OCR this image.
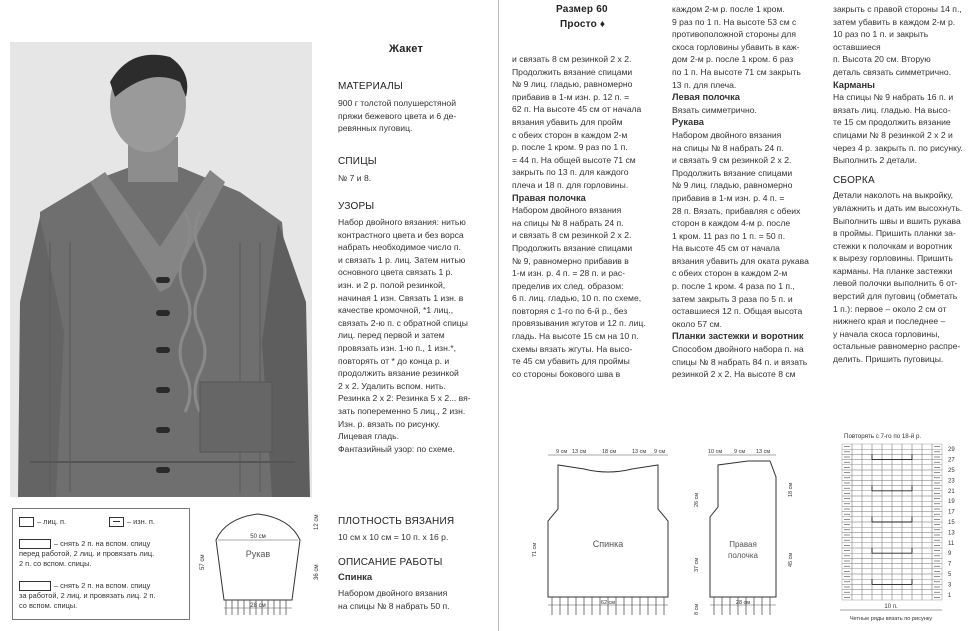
Жакет
МАТЕРИАЛЫ
900 г толстой полушерстяной
пряжи бежевого цвета и 6 де-
ревянных пуговиц.
СПИЦЫ
№ 7 и 8.
УЗОРЫ
Набор двойного вязания: нитью
контрастного цвета и без ворса
набрать необходимое число п.
и связать 1 р. лиц. Затем нитью
основного цвета связать 1 р.
изн. и 2 р. полой резинкой,
начиная 1 изн. Связать 1 изн. в
качестве кромочной, *1 лиц.,
связать 2-ю п. с обратной спицы
лиц. перед первой и затем
провязать изн. 1-ю п., 1 изн.*,
повторять от * до конца р. и
продолжить вязание резинкой
2 х 2. Удалить вспом. нить.
Резинка 2 х 2: Резинка 5 х 2... вя-
зать попеременно 5 лиц., 2 изн.
Изн. р. вязать по рисунку.
Лицевая гладь.
Фантазийный узор: по схеме.
ПЛОТНОСТЬ ВЯЗАНИЯ
10 см х 10 см = 10 п. х 16 р.
ОПИСАНИЕ РАБОТЫ
Спинка
Набором двойного вязания
на спицы № 8 набрать 50 п.
– лиц. п.	– изн. п.
– снять 2 п. на вспом. спицу
перед работой, 2 лиц. и провязать лиц.
2 п. со вспом. спицы.
– снять 2 п. на вспом. спицу
за работой, 2 лиц. и провязать лиц. 2 п.
со вспом. спицы.
50 см
28 см
Рукав
57 см
12 см
36 см
Размер 60
Просто ♦
и связать 8 см резинкой 2 х 2.
Продолжить вязание спицами
№ 9 лиц. гладью, равномерно
прибавив в 1-м изн. р. 12 п. =
62 п. На высоте 45 см от начала
вязания убавить для пройм
с обеих сторон в каждом 2-м
р. после 1 кром. 9 раз по 1 п.
= 44 п. На общей высоте 71 см
закрыть по 13 п. для каждого
плеча и 18 п. для горловины.
Правая полочка
Набором двойного вязания
на спицы № 8 набрать 24 п.
и связать 8 см резинкой 2 х 2.
Продолжить вязание спицами
№ 9, равномерно прибавив в
1-м изн. р. 4 п. = 28 п. и рас-
пределив их след. образом:
6 п. лиц. гладью, 10 п. по схеме,
повторяя с 1-го по 6-й р., без
провязывания жгутов и 12 п. лиц.
гладь. На высоте 15 см на 10 п.
схемы вязать жгуты. На высо-
те 45 см убавить для проймы
со стороны бокового шва в
каждом 2-м р. после 1 кром.
9 раз по 1 п. На высоте 53 см с
противоположной стороны для
скоса горловины убавить в каж-
дом 2-м р. после 1 кром. 6 раз
по 1 п. На высоте 71 см закрыть
13 п. для плеча.
Левая полочка
Вязать симметрично.
Рукава
Набором двойного вязания
на спицы № 8 набрать 24 п.
и связать 9 см резинкой 2 х 2.
Продолжить вязание спицами
№ 9 лиц. гладью, равномерно
прибавив в 1-м изн. р. 4 п. =
28 п. Вязать, прибавляя с обеих
сторон в каждом 4-м р. после
1 кром. 11 раз по 1 п. = 50 п.
На высоте 45 см от начала
вязания убавить для оката рукава
с обеих сторон в каждом 2-м
р. после 1 кром. 4 раза по 1 п.,
затем закрыть 3 раза по 5 п. и
оставшиеся 12 п. Общая высота
около 57 см.
Планки застежки и воротник
Способом двойного набора п. на
спицы № 8 набрать 84 п. и вязать
резинкой 2 х 2. На высоте 8 см
9 см 13 см	18 см	13 см 9 см
62 см
Спинка
71 см
10 см 9 см 13 см
28 см
Правая
полочка
26 см
37 см
8 см
18 см
45 см
закрыть с правой стороны 14 п.,
затем убавить в каждом 2-м р.
10 раз по 1 п. и закрыть оставшиеся
п. Высота 20 см. Вторую
деталь связать симметрично.
Карманы
На спицы № 9 набрать 16 п. и
вязать лиц. гладью. На высо-
те 15 см продолжить вязание
спицами № 8 резинкой 2 х 2 и
через 4 р. закрыть п. по рисунку.
Выполнить 2 детали.
СБОРКА
Детали наколоть на выкройку,
увлажнить и дать им высохнуть.
Выполнить швы и вшить рукава
в проймы. Пришить планки за-
стежки к полочкам и воротник
к вырезу горловины. Пришить
карманы. На планке застежки
левой полочки выполнить 6 от-
верстий для пуговиц (обметать
1 п.): первое – около 2 см от
нижнего края и последнее –
у начала скоса горловины,
остальные равномерно распре-
делить. Пришить пуговицы.
Повторять с 7-го по 18-й р.
29
27
25
23
21
19
17
15
13
11
9
7
5
3
1
10 п.
Четные ряды вязать по рисунку
